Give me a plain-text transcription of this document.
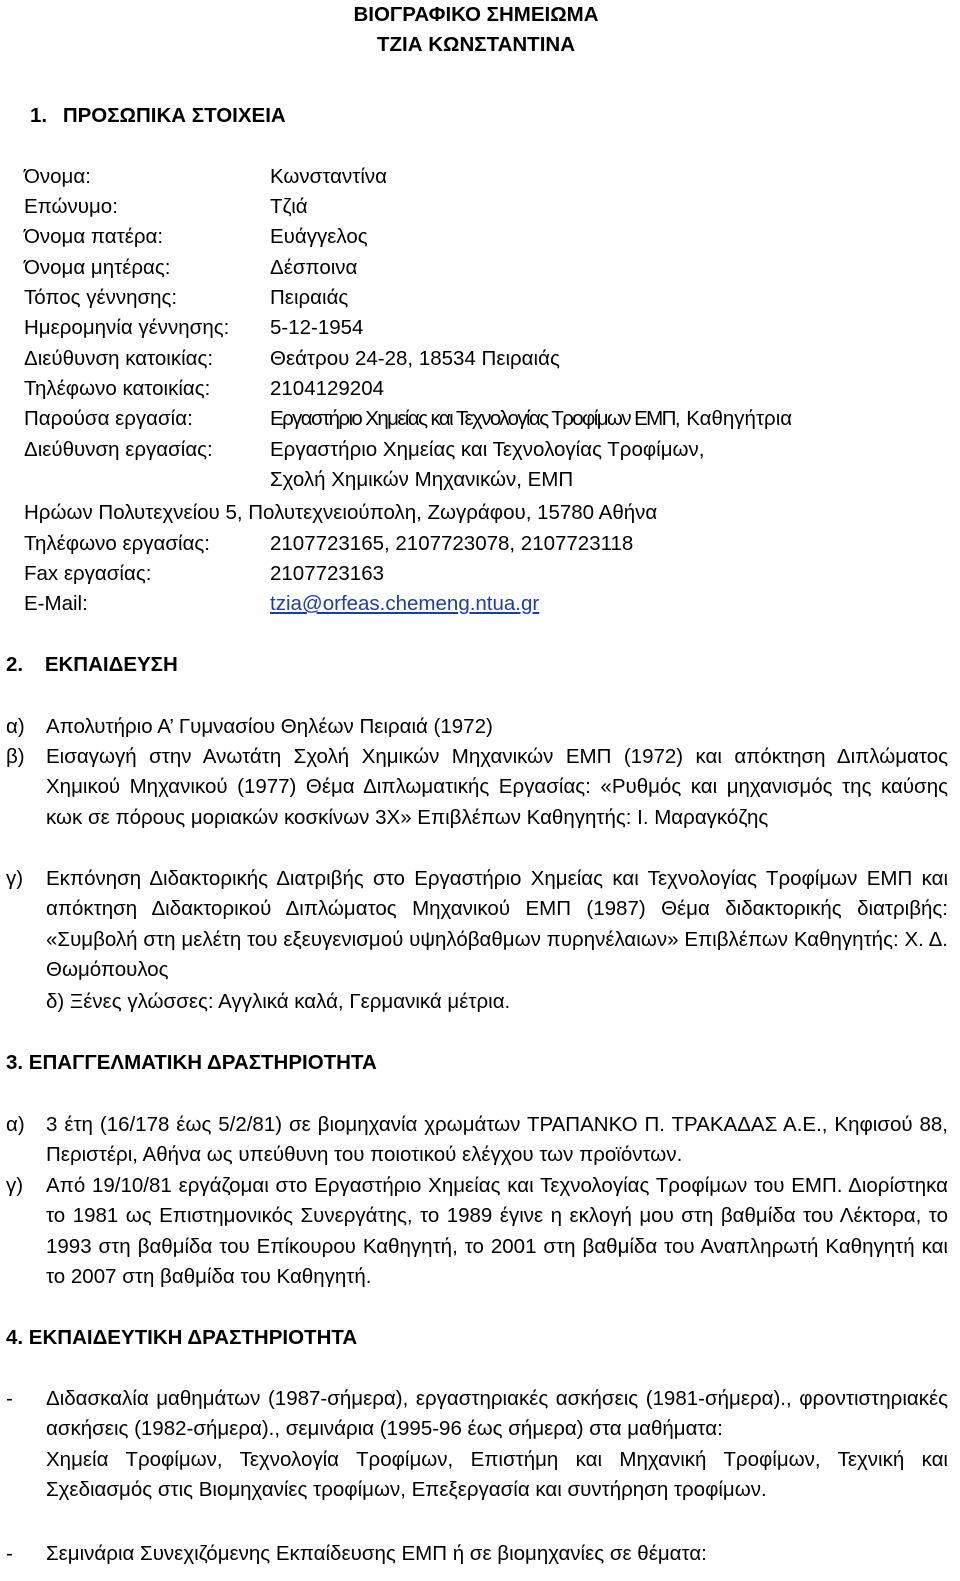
ΒΙΟΓΡΑΦΙΚΟ ΣΗΜΕΙΩΜΑ
ΤΖΙΑ ΚΩΝΣΤΑΝΤΙΝΑ
1. ΠΡΟΣΩΠΙΚΑ ΣΤΟΙΧΕΙΑ
Όνομα:	Κωνσταντίνα
Επώνυμο:	Τζιά
Όνομα πατέρα:	Ευάγγελος
Όνομα μητέρας:	Δέσποινα
Τόπος γέννησης:	Πειραιάς
Ημερομηνία γέννησης: 5-12-1954
Διεύθυνση κατοικίας:	Θεάτρου 24-28, 18534 Πειραιάς
Τηλέφωνο κατοικίας:	2104129204
Παρούσα εργασία:	Εργαστήριο Χημείας και Τεχνολογίας Τροφίμων ΕΜΠ, Καθηγήτρια
Διεύθυνση εργασίας:	Εργαστήριο Χημείας και Τεχνολογίας Τροφίμων,
Σχολή Χημικών Μηχανικών, ΕΜΠ
Ηρώων Πολυτεχνείου 5, Πολυτεχνειούπολη, Ζωγράφου, 15780 Αθήνα
Τηλέφωνο εργασίας:	2107723165, 2107723078, 2107723118
Fax εργασίας:	2107723163
E-Mail:	tzia@orfeas.chemeng.ntua.gr
2. ΕΚΠΑΙΔΕΥΣΗ
α) Απολυτήριο Α’ Γυμνασίου Θηλέων Πειραιά (1972)
β) Εισαγωγή στην Ανωτάτη Σχολή Χημικών Μηχανικών ΕΜΠ (1972) και απόκτηση Διπλώματος Χημικού Μηχανικού (1977) Θέμα Διπλωματικής Εργασίας: «Ρυθμός και μηχανισμός της καύσης κωκ σε πόρους μοριακών κοσκίνων 3Χ» Επιβλέπων Καθηγητής: Ι. Μαραγκόζης
γ) Εκπόνηση Διδακτορικής Διατριβής στο Εργαστήριο Χημείας και Τεχνολογίας Τροφίμων ΕΜΠ και απόκτηση Διδακτορικού Διπλώματος Μηχανικού ΕΜΠ (1987) Θέμα διδακτορικής διατριβής: «Συμβολή στη μελέτη του εξευγενισμού υψηλόβαθμων πυρηνέλαιων» Επιβλέπων Καθηγητής: Χ. Δ. Θωμόπουλος
δ) Ξένες γλώσσες: Αγγλικά καλά, Γερμανικά μέτρια.
3. ΕΠΑΓΓΕΛΜΑΤΙΚΗ ΔΡΑΣΤΗΡΙΟΤΗΤΑ
α) 3 έτη (16/178 έως 5/2/81) σε βιομηχανία χρωμάτων ΤΡΑΠΑΝΚΟ Π. ΤΡΑΚΑΔΑΣ Α.Ε., Κηφισού 88, Περιστέρι, Αθήνα ως υπεύθυνη του ποιοτικού ελέγχου των προϊόντων.
γ) Από 19/10/81 εργάζομαι στο Εργαστήριο Χημείας και Τεχνολογίας Τροφίμων του ΕΜΠ. Διορίστηκα το 1981 ως Επιστημονικός Συνεργάτης, το 1989 έγινε η εκλογή μου στη βαθμίδα του Λέκτορα, το 1993 στη βαθμίδα του Επίκουρου Καθηγητή, το 2001 στη βαθμίδα του Αναπληρωτή Καθηγητή και το 2007 στη βαθμίδα του Καθηγητή.
4. ΕΚΠΑΙΔΕΥΤΙΚΗ ΔΡΑΣΤΗΡΙΟΤΗΤΑ
- Διδασκαλία μαθημάτων (1987-σήμερα), εργαστηριακές ασκήσεις (1981-σήμερα)., φροντιστηριακές ασκήσεις (1982-σήμερα)., σεμινάρια (1995-96 έως σήμερα) στα μαθήματα:
Χημεία Τροφίμων, Τεχνολογία Τροφίμων, Επιστήμη και Μηχανική Τροφίμων, Τεχνική και Σχεδιασμός στις Βιομηχανίες τροφίμων, Επεξεργασία και συντήρηση τροφίμων.
- Σεμινάρια Συνεχιζόμενης Εκπαίδευσης ΕΜΠ ή σε βιομηχανίες σε θέματα:
